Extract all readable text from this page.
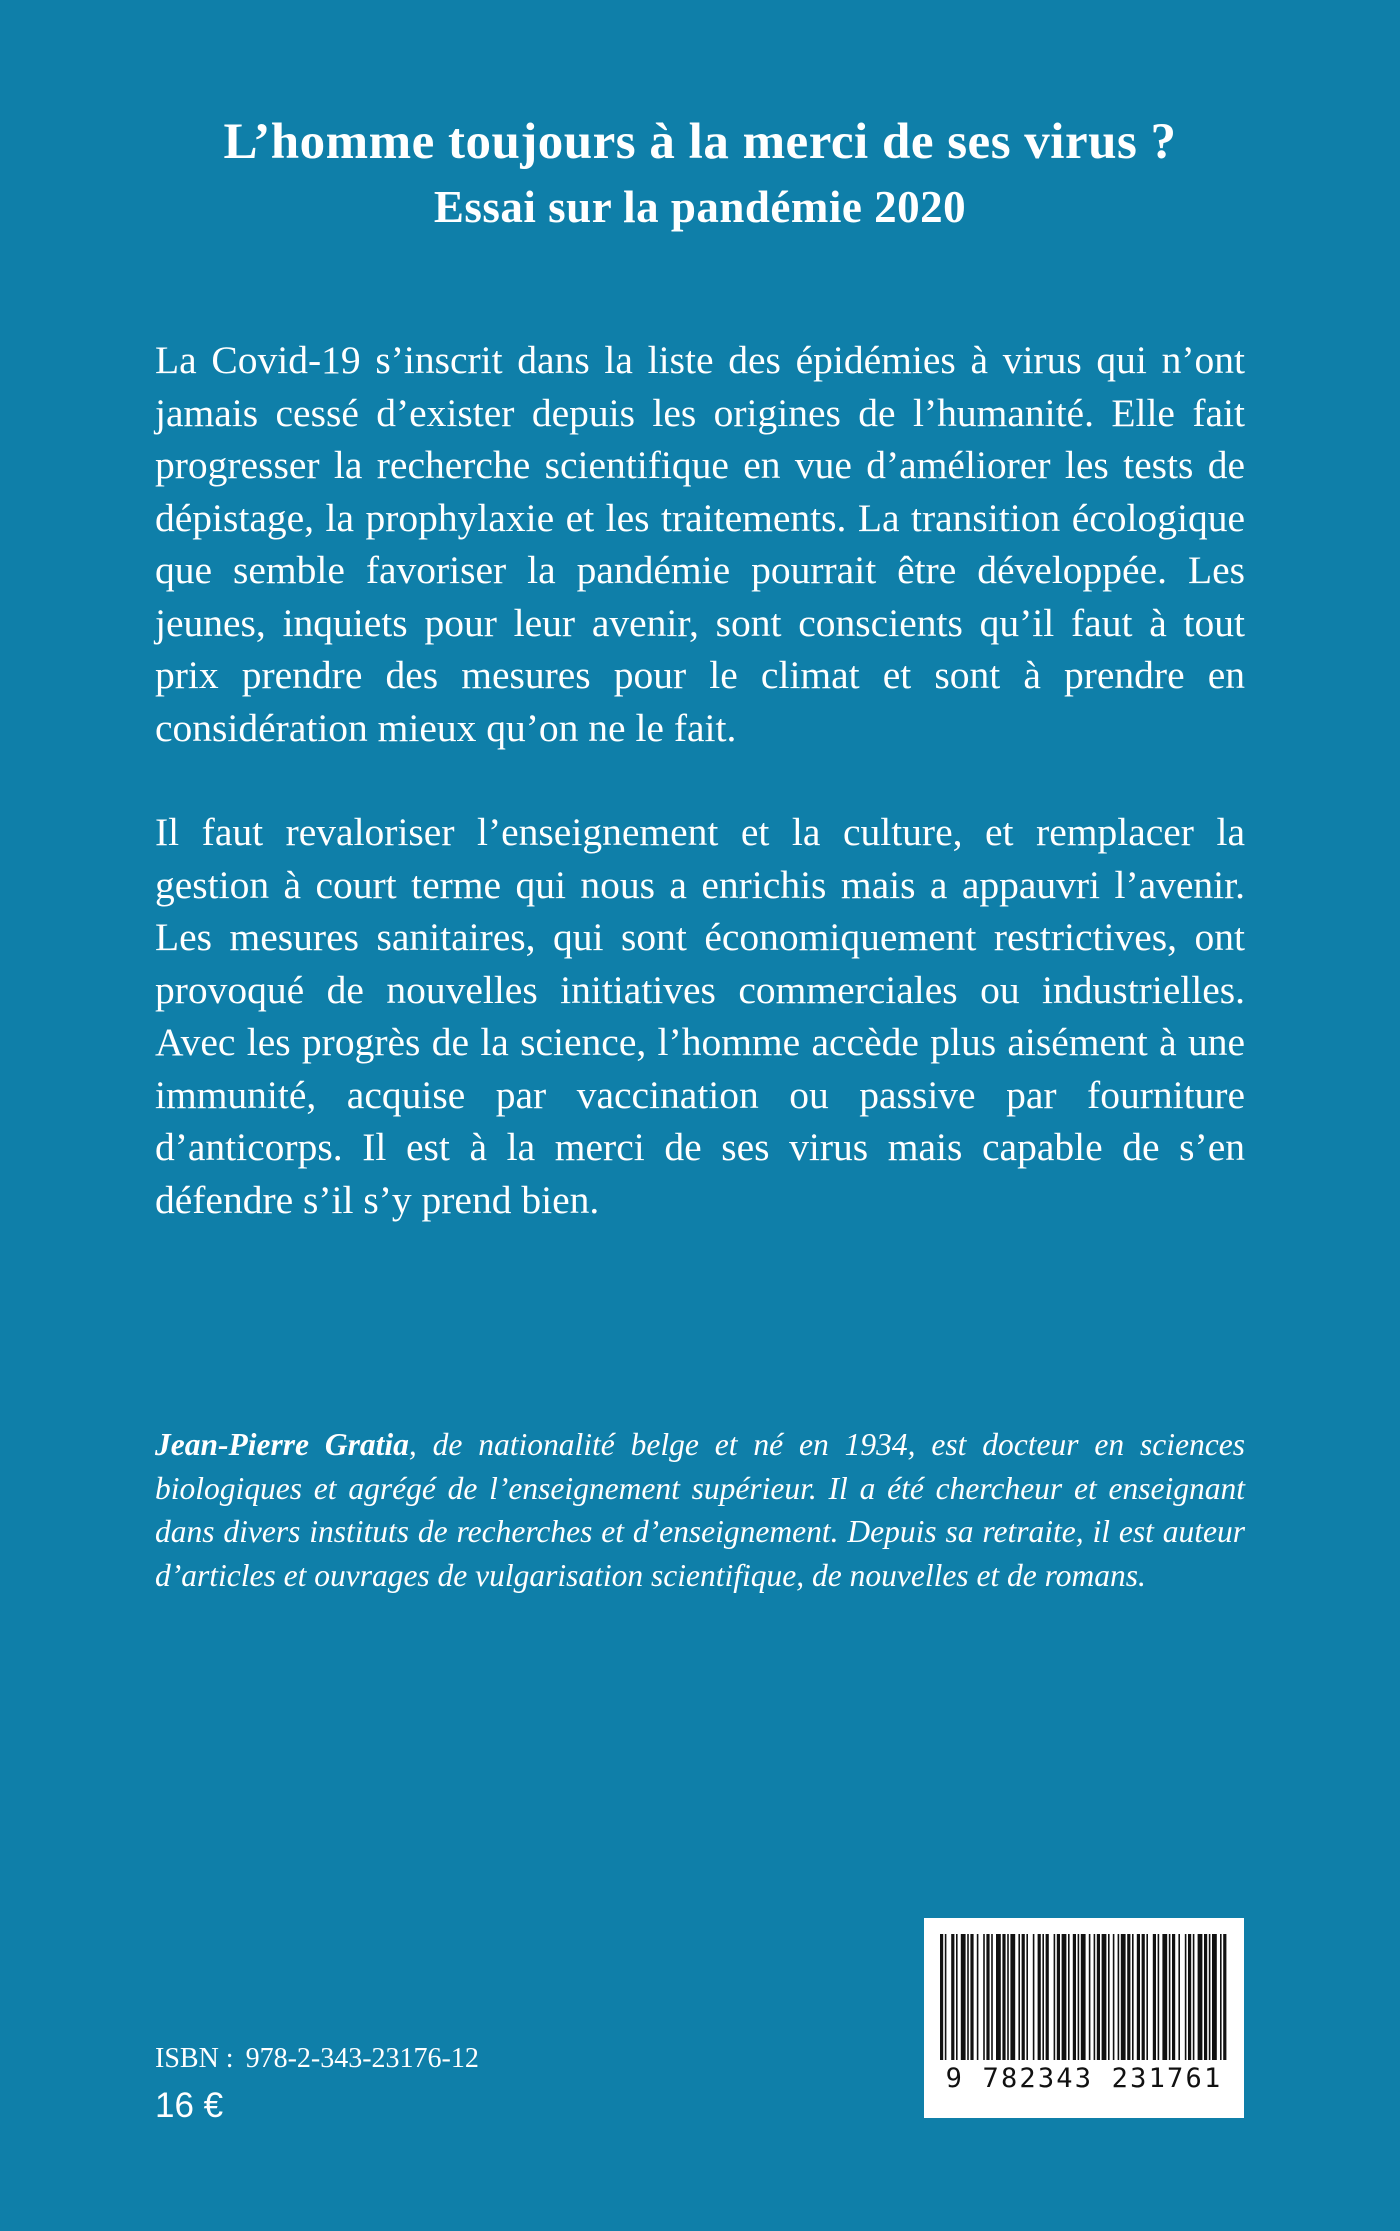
L’homme toujours à la merci de ses virus ?
Essai sur la pandémie 2020

La Covid-19 s’inscrit dans la liste des épidémies à virus qui n’ont jamais cessé d’exister depuis les origines de l’humanité. Elle fait progresser la recherche scientifique en vue d’améliorer les tests de dépistage, la prophylaxie et les traitements. La transition écologique que semble favoriser la pandémie pourrait être développée. Les jeunes, inquiets pour leur avenir, sont conscients qu’il faut à tout prix prendre des mesures pour le climat et sont à prendre en considération mieux qu’on ne le fait.

Il faut revaloriser l’enseignement et la culture, et remplacer la gestion à court terme qui nous a enrichis mais a appauvri l’avenir. Les mesures sanitaires, qui sont économiquement restrictives, ont provoqué de nouvelles initiatives commerciales ou industrielles. Avec les progrès de la science, l’homme accède plus aisément à une immunité, acquise par vaccination ou passive par fourniture d’anticorps. Il est à la merci de ses virus mais capable de s’en défendre s’il s’y prend bien.

Jean-Pierre Gratia, de nationalité belge et né en 1934, est docteur en sciences biologiques et agrégé de l’enseignement supérieur. Il a été chercheur et enseignant dans divers instituts de recherches et d’enseignement. Depuis sa retraite, il est auteur d’articles et ouvrages de vulgarisation scientifique, de nouvelles et de romans.

ISBN : 978-2-343-23176-12
16 €
9 782343 231761
